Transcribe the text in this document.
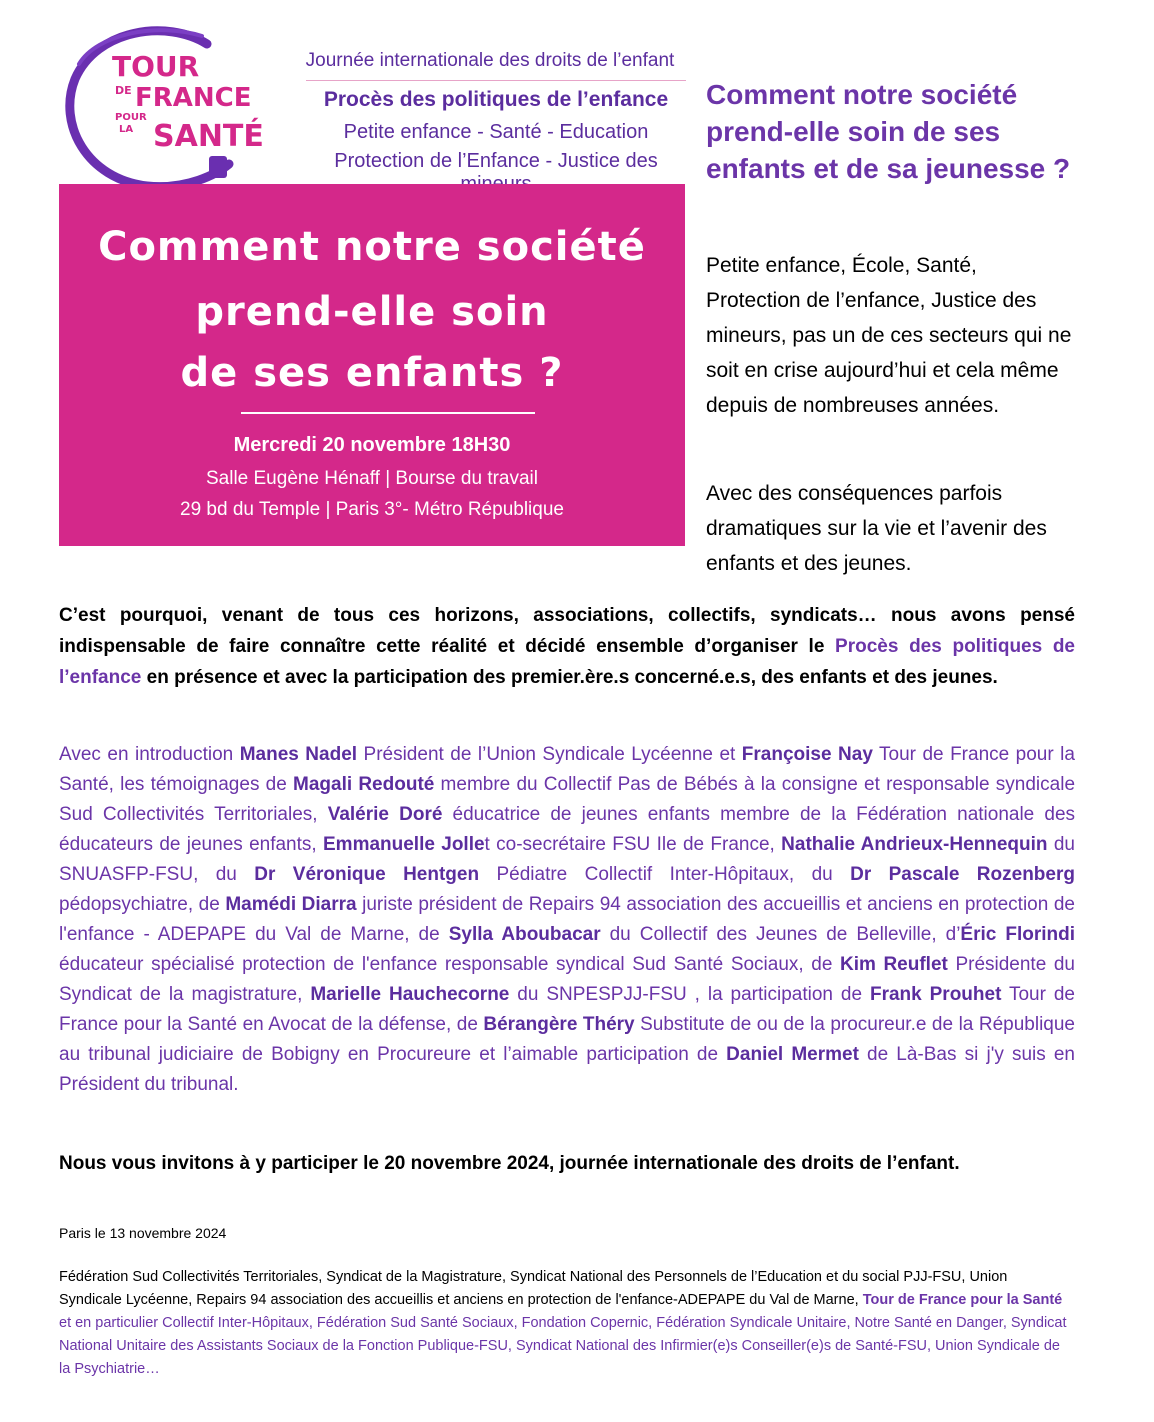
TOUR
DE FRANCE
POUR
LA SANTÉ
Journée internationale des droits de l’enfant
Procès des politiques de l’enfance
Petite enfance - Santé - Education
Protection de l’Enfance - Justice des
Comment notre société
prend-elle soin
de ses enfants ?
Mercredi 20 novembre 18H30
Salle Eugène Hénaff | Bourse du travail
29 bd du Temple | Paris 3°- Métro République
Comment notre société prend-elle soin de ses enfants et de sa jeunesse ?
Petite enfance, École, Santé, Protection de l’enfance, Justice des mineurs, pas un de ces secteurs qui ne soit en crise aujourd’hui et cela même depuis de nombreuses années.
Avec des conséquences parfois dramatiques sur la vie et l’avenir des enfants et des jeunes.
C’est pourquoi, venant de tous ces horizons, associations, collectifs, syndicats… nous avons pensé indispensable de faire connaître cette réalité et décidé ensemble d’organiser le Procès des politiques de l’enfance en présence et avec la participation des premier.ère.s concerné.e.s, des enfants et des jeunes.
Avec en introduction Manes Nadel Président de l’Union Syndicale Lycéenne et Françoise Nay Tour de France pour la Santé, les témoignages de Magali Redouté membre du Collectif Pas de Bébés à la consigne et responsable syndicale Sud Collectivités Territoriales, Valérie Doré éducatrice de jeunes enfants membre de la Fédération nationale des éducateurs de jeunes enfants, Emmanuelle Jollet co-secrétaire FSU Ile de France, Nathalie Andrieux-Hennequin du SNUASFP-FSU, du Dr Véronique Hentgen Pédiatre Collectif Inter-Hôpitaux, du Dr Pascale Rozenberg pédopsychiatre, de Mamédi Diarra juriste président de Repairs 94 association des accueillis et anciens en protection de l'enfance - ADEPAPE du Val de Marne, de Sylla Aboubacar du Collectif des Jeunes de Belleville, d’Éric Florindi éducateur spécialisé protection de l'enfance responsable syndical Sud Santé Sociaux, de Kim Reuflet Présidente du Syndicat de la magistrature, Marielle Hauchecorne du SNPESPJJ-FSU , la participation de Frank Prouhet Tour de France pour la Santé en Avocat de la défense, de Bérangère Théry Substitute de ou de la procureur.e de la République au tribunal judiciaire de Bobigny en Procureure et l’aimable participation de Daniel Mermet de Là-Bas si j'y suis en Président du tribunal.
Nous vous invitons à y participer le 20 novembre 2024, journée internationale des droits de l’enfant.
Paris le 13 novembre 2024
Fédération Sud Collectivités Territoriales, Syndicat de la Magistrature, Syndicat National des Personnels de l’Education et du social PJJ-FSU, Union Syndicale Lycéenne, Repairs 94 association des accueillis et anciens en protection de l'enfance-ADEPAPE du Val de Marne, Tour de France pour la Santé et en particulier Collectif Inter-Hôpitaux, Fédération Sud Santé Sociaux, Fondation Copernic, Fédération Syndicale Unitaire, Notre Santé en Danger, Syndicat National Unitaire des Assistants Sociaux de la Fonction Publique-FSU, Syndicat National des Infirmier(e)s Conseiller(e)s de Santé-FSU, Union Syndicale de la Psychiatrie…
